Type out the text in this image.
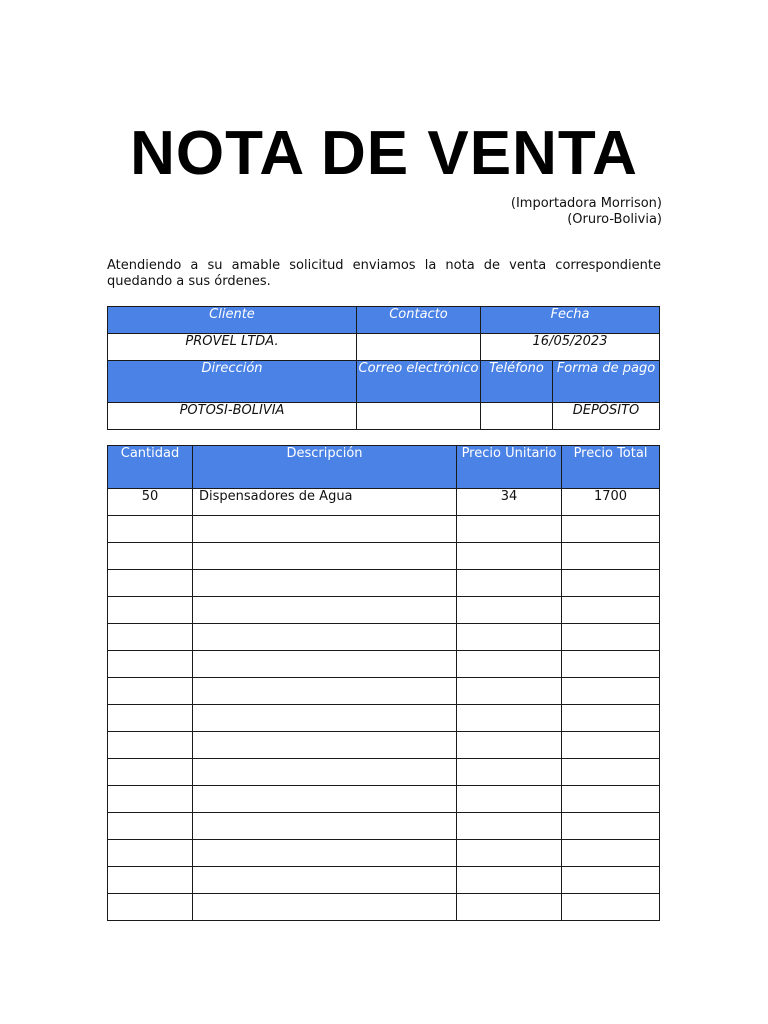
NOTA DE VENTA
(Importadora Morrison)
(Oruro-Bolivia)

Atendiendo a su amable solicitud enviamos la nota de venta correspondiente quedando a sus órdenes.

Cliente	Contacto	Fecha	
PROVEL LTDA.		16/05/2023	
Dirección	Correo electrónico	Teléfono	Forma de pago
POTOSI-BOLIVIA			DEPÓSITO
Cantidad	Descripción	Precio Unitario	Precio Total
50	Dispensadores de Agua	34	1700
